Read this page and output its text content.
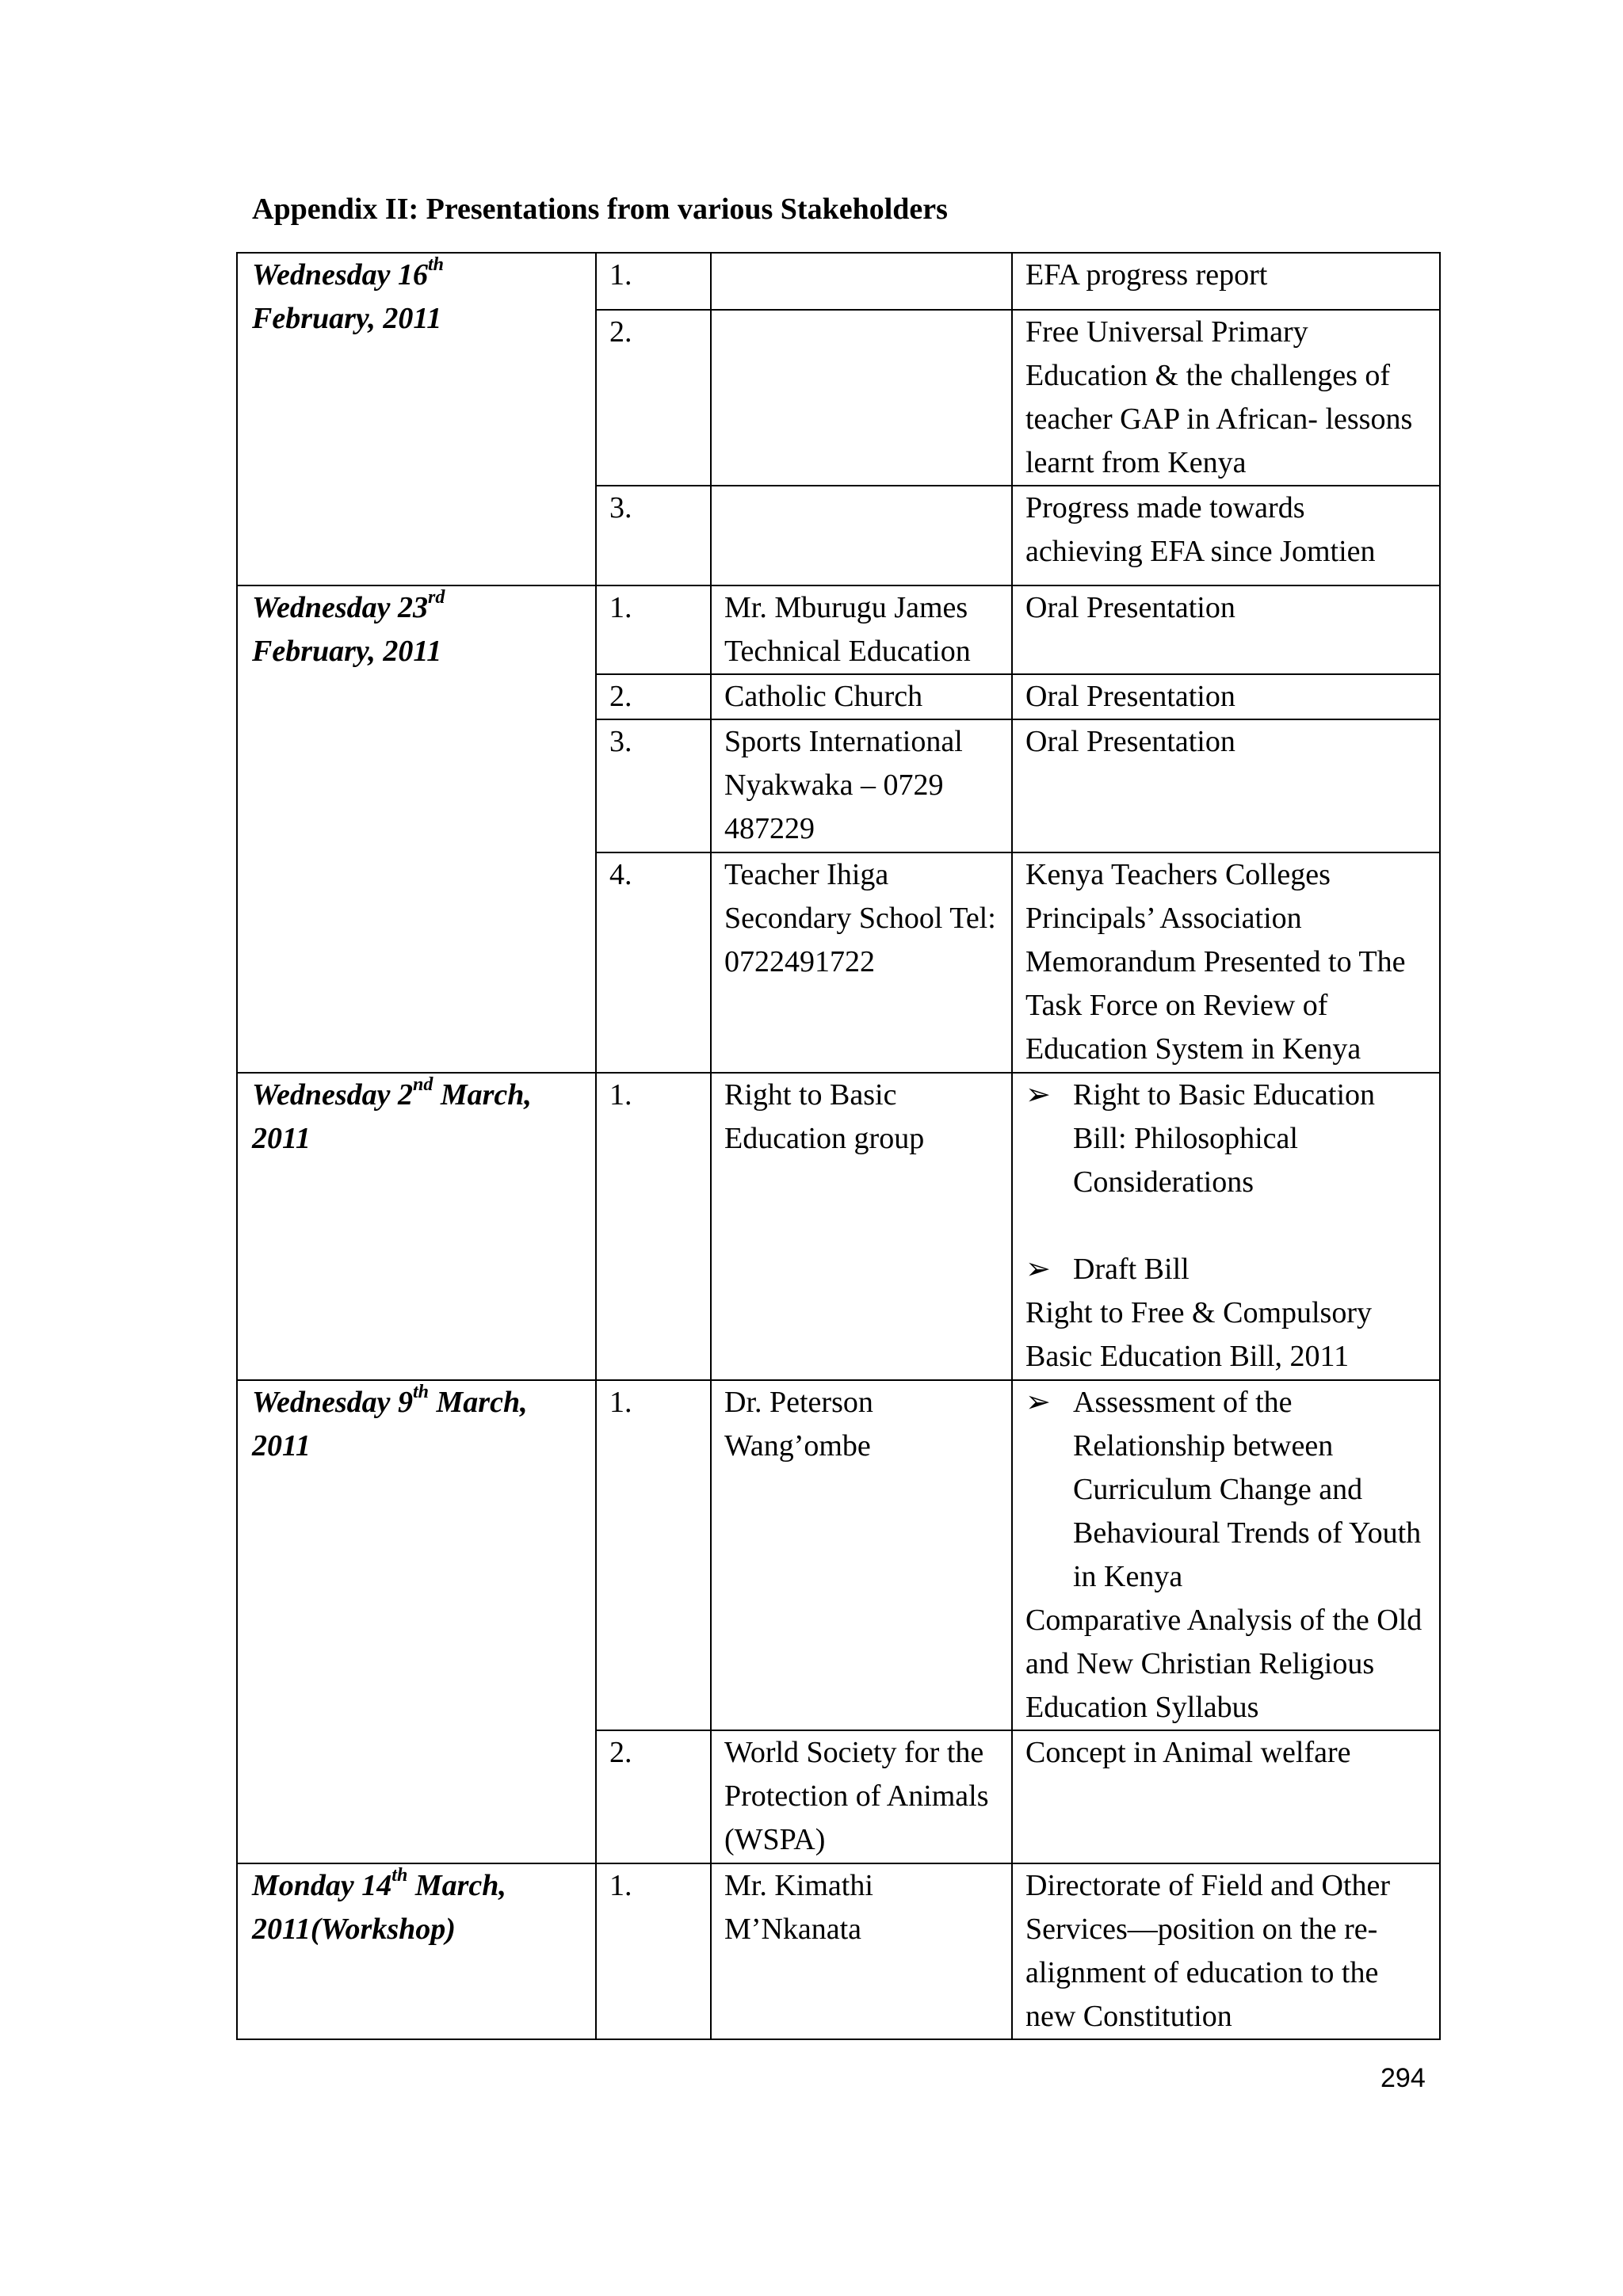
Appendix II: Presentations from various Stakeholders
Wednesday 16th
February, 2011	1.		EFA progress report
	2.		Free Universal Primary Education & the challenges of teacher GAP in African- lessons learnt from Kenya
	3.		Progress made towards achieving EFA since Jomtien
Wednesday 23rd
February, 2011	1.	Mr. Mburugu James Technical Education	Oral Presentation
	2.	Catholic Church	Oral Presentation
	3.	Sports International Nyakwaka – 0729 487229	Oral Presentation
	4.	Teacher Ihiga Secondary School Tel: 0722491722	Kenya Teachers Colleges Principals’ Association Memorandum Presented to The Task Force on Review of Education System in Kenya
Wednesday 2nd March,
2011	1.	Right to Basic Education group	➢ Right to Basic Education Bill: Philosophical Considerations
➢ Draft Bill
Right to Free & Compulsory Basic Education Bill, 2011

Wednesday 9th March,
2011	1.	Dr. Peterson Wang’ombe	➢ Assessment of the Relationship between Curriculum Change and Behavioural Trends of Youth in Kenya
Comparative Analysis of the Old and New Christian Religious Education Syllabus

	2.	World Society for the Protection of Animals (WSPA)	Concept in Animal welfare
Monday 14th March,
2011(Workshop)	1.	Mr. Kimathi M’Nkanata	Directorate of Field and Other Services—position on the re-alignment of education to the new Constitution
294
